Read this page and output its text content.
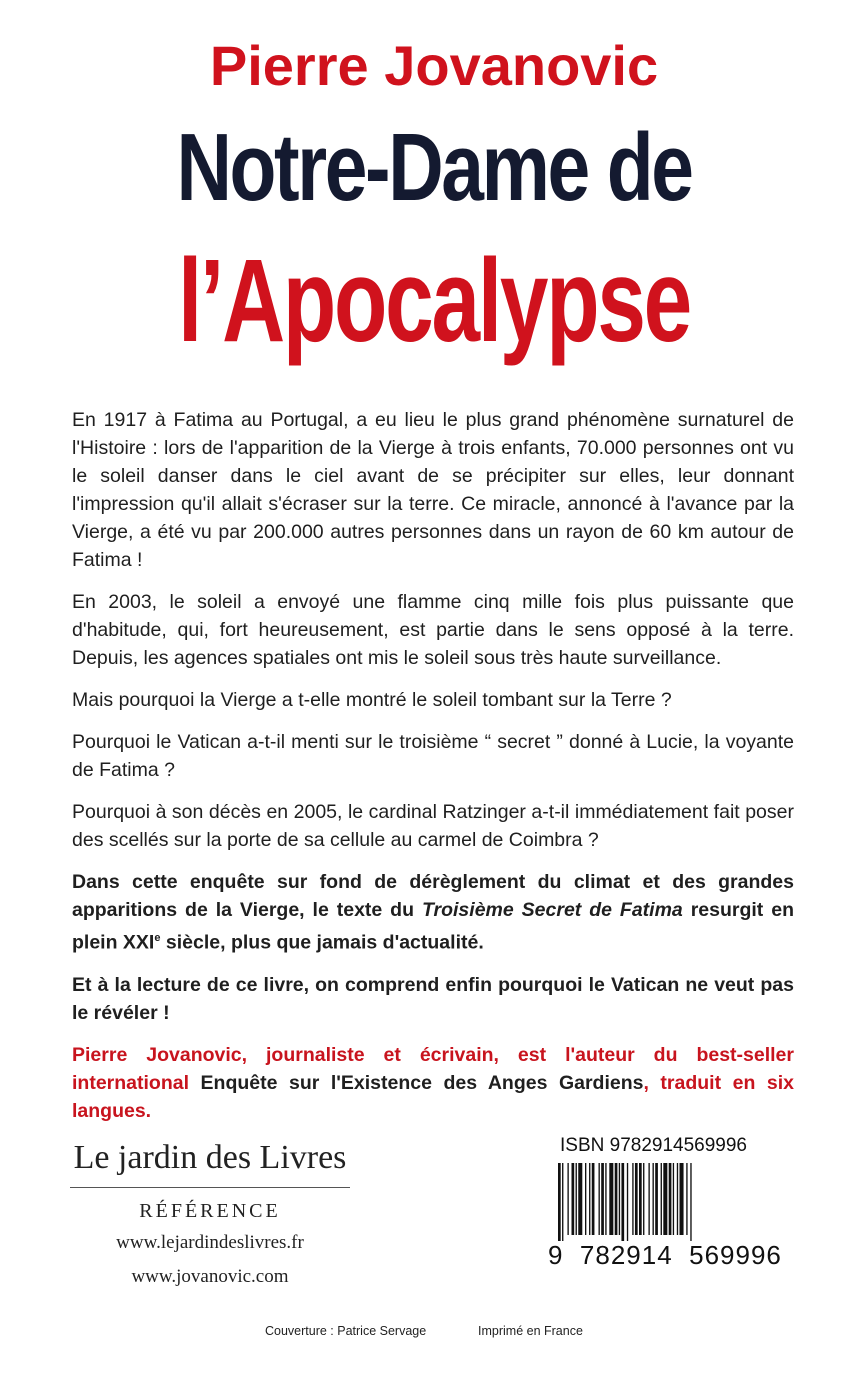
Pierre Jovanovic
Notre-Dame de
l’Apocalypse

En 1917 à Fatima au Portugal, a eu lieu le plus grand phénomène surnaturel de l'Histoire : lors de l'apparition de la Vierge à trois enfants, 70.000 personnes ont vu le soleil danser dans le ciel avant de se précipiter sur elles, leur donnant l'impression qu'il allait s'écraser sur la terre. Ce miracle, annoncé à l'avance par la Vierge, a été vu par 200.000 autres personnes dans un rayon de 60 km autour de Fatima !

En 2003, le soleil a envoyé une flamme cinq mille fois plus puissante que d'habitude, qui, fort heureusement, est partie dans le sens opposé à la terre. Depuis, les agences spatiales ont mis le soleil sous très haute surveillance.

Mais pourquoi la Vierge a t-elle montré le soleil tombant sur la Terre ?

Pourquoi le Vatican a-t-il menti sur le troisième “ secret ” donné à Lucie, la voyante de Fatima ?

Pourquoi à son décès en 2005, le cardinal Ratzinger a-t-il immédiatement fait poser des scellés sur la porte de sa cellule au carmel de Coimbra ?

Dans cette enquête sur fond de dérèglement du climat et des grandes apparitions de la Vierge, le texte du Troisième Secret de Fatima resurgit en plein XXIe siècle, plus que jamais d'actualité.

Et à la lecture de ce livre, on comprend enfin pourquoi le Vatican ne veut pas le révéler !

Pierre Jovanovic, journaliste et écrivain, est l'auteur du best-seller international Enquête sur l'Existence des Anges Gardiens, traduit en six langues.

Le jardin des Livres
RÉFÉRENCE
www.lejardindeslivres.fr
www.jovanovic.com
ISBN 9782914569996
9  782914  569996
Couverture : Patrice Servage	Imprimé en France
